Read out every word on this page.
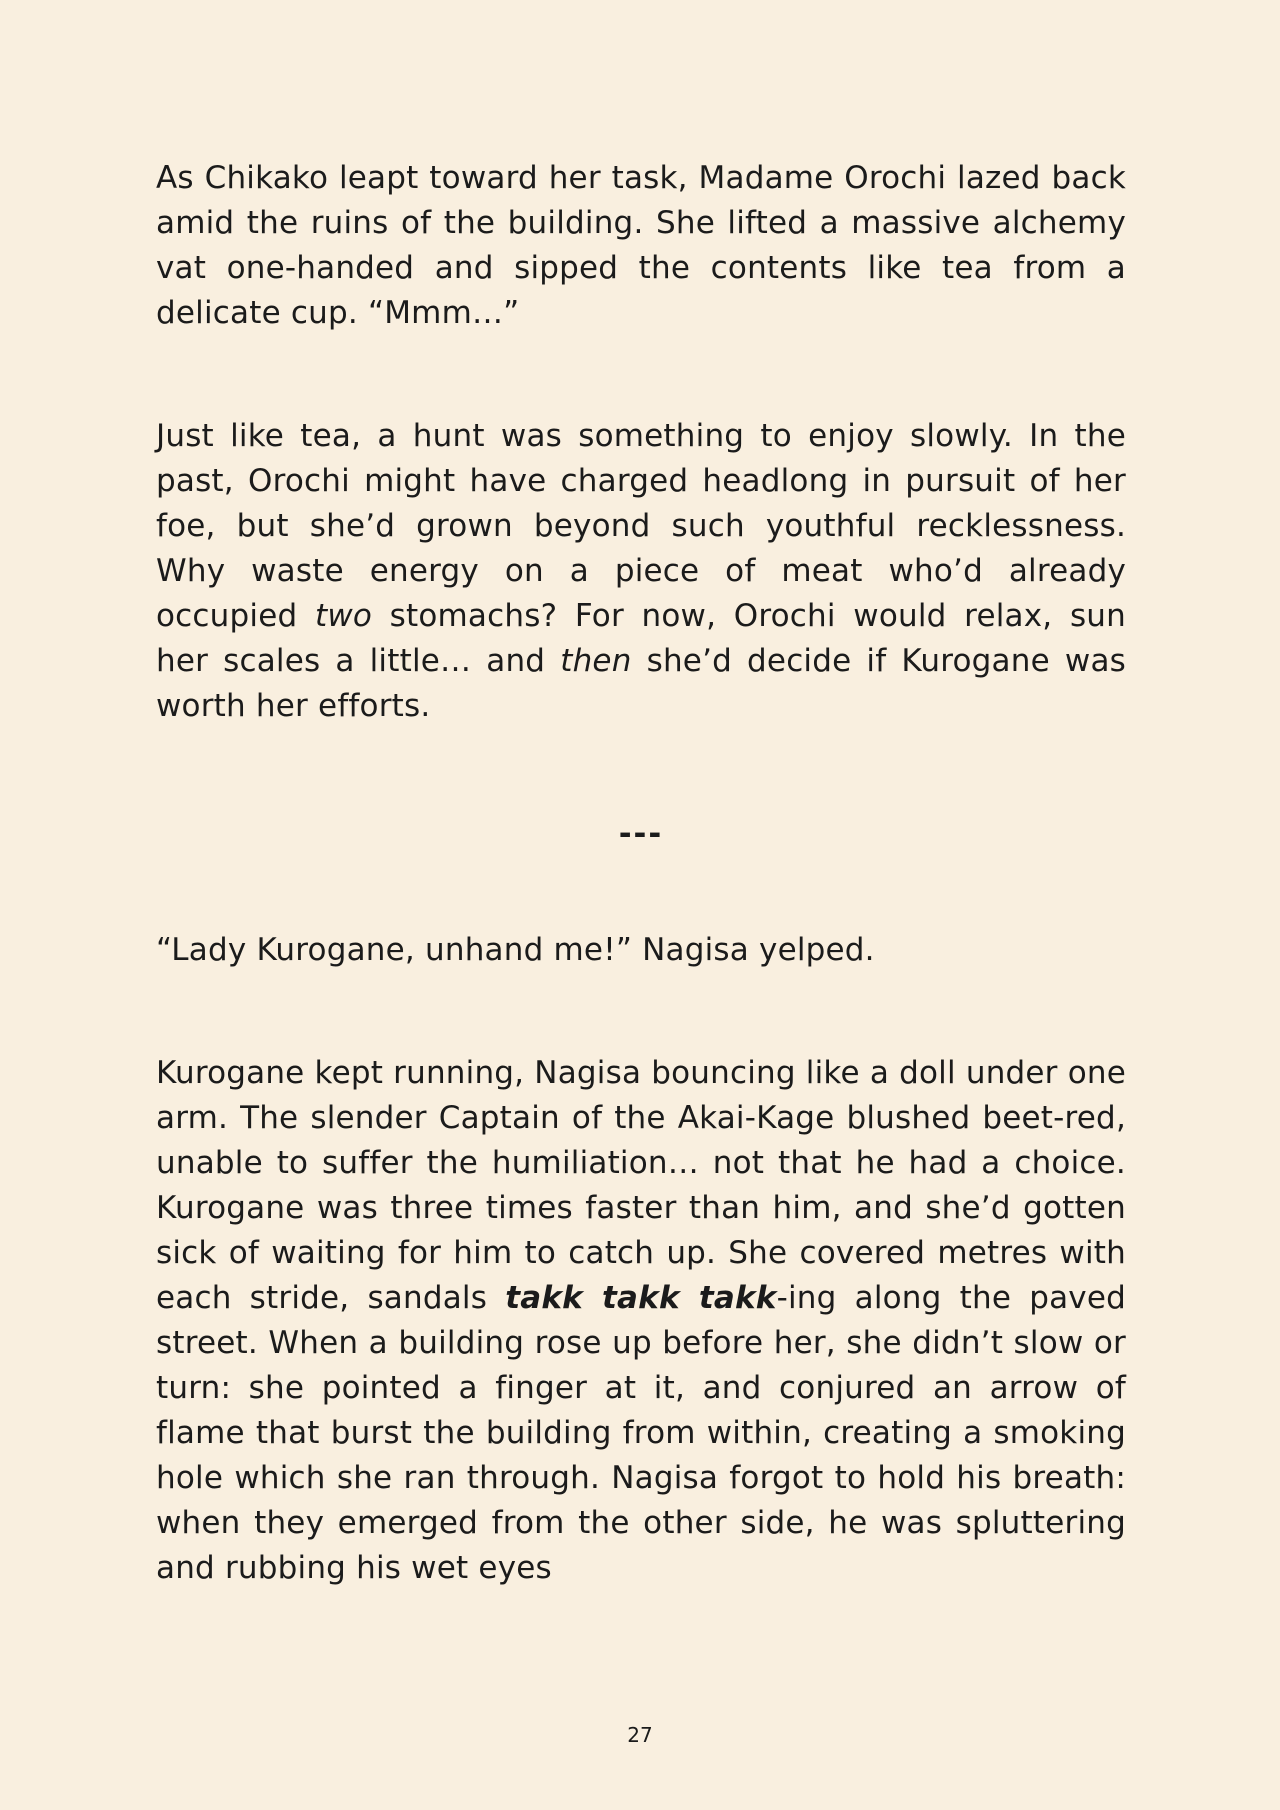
As Chikako leapt toward her task, Madame Orochi lazed back amid the ruins of the building. She lifted a massive alchemy vat one-handed and sipped the contents like tea from a delicate cup. “Mmm…”

Just like tea, a hunt was something to enjoy slowly. In the past, Orochi might have charged headlong in pursuit of her foe, but she’d grown beyond such youthful recklessness. Why waste energy on a piece of meat who’d already occupied two stomachs? For now, Orochi would relax, sun her scales a little… and then she’d decide if Kurogane was worth her efforts.

---

“Lady Kurogane, unhand me!” Nagisa yelped.

Kurogane kept running, Nagisa bouncing like a doll under one arm. The slender Captain of the Akai-Kage blushed beet-red, unable to suffer the humiliation… not that he had a choice. Kurogane was three times faster than him, and she’d gotten sick of waiting for him to catch up. She covered metres with each stride, sandals takk takk takk-ing along the paved street. When a building rose up before her, she didn’t slow or turn: she pointed a finger at it, and conjured an arrow of flame that burst the building from within, creating a smoking hole which she ran through. Nagisa forgot to hold his breath: when they emerged from the other side, he was spluttering and rubbing his wet eyes

27
